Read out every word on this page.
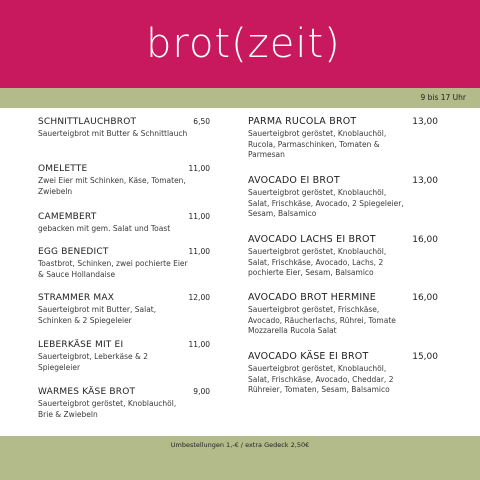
brot(zeit)
9 bis 17 Uhr
SCHNITTLAUCHBROT	6,50
Sauerteigbrot mit Butter & Schnittlauch
OMELETTE	11,00
Zwei Eier mit Schinken, Käse, Tomaten, Zwiebeln
CAMEMBERT	11,00
gebacken mit gem. Salat und Toast
EGG BENEDICT	11,00
Toastbrot, Schinken, zwei pochierte Eier & Sauce Hollandaise
STRAMMER MAX	12,00
Sauerteigbrot mit Butter, Salat, Schinken & 2 Spiegeleier
LEBERKÄSE MIT EI	11,00
Sauerteigbrot, Leberkäse & 2 Spiegeleier
WARMES KÄSE BROT	9,00
Sauerteigbrot geröstet, Knoblauchöl, Brie & Zwiebeln
PARMA RUCOLA BROT	13,00
Sauerteigbrot geröstet, Knoblauchöl, Rucola, Parmaschinken, Tomaten & Parmesan
AVOCADO EI BROT	13,00
Sauerteigbrot geröstet, Knoblauchöl, Salat, Frischkäse, Avocado, 2 Spiegeleier, Sesam, Balsamico
AVOCADO LACHS EI BROT	16,00
Sauerteigbrot geröstet, Knoblauchöl, Salat, Frischkäse, Avocado, Lachs, 2 pochierte Eier, Sesam, Balsamico
AVOCADO BROT HERMINE	16,00
Sauerteigbrot geröstet, Frischkäse, Avocado, Räucherlachs, Rührei, Tomate Mozzarella Rucola Salat
AVOCADO KÄSE EI BROT	15,00
Sauerteigbrot geröstet, Knoblauchöl, Salat, Frischkäse, Avocado, Cheddar, 2 Rühreier, Tomaten, Sesam, Balsamico
Umbestellungen 1,-€ / extra Gedeck 2,50€
